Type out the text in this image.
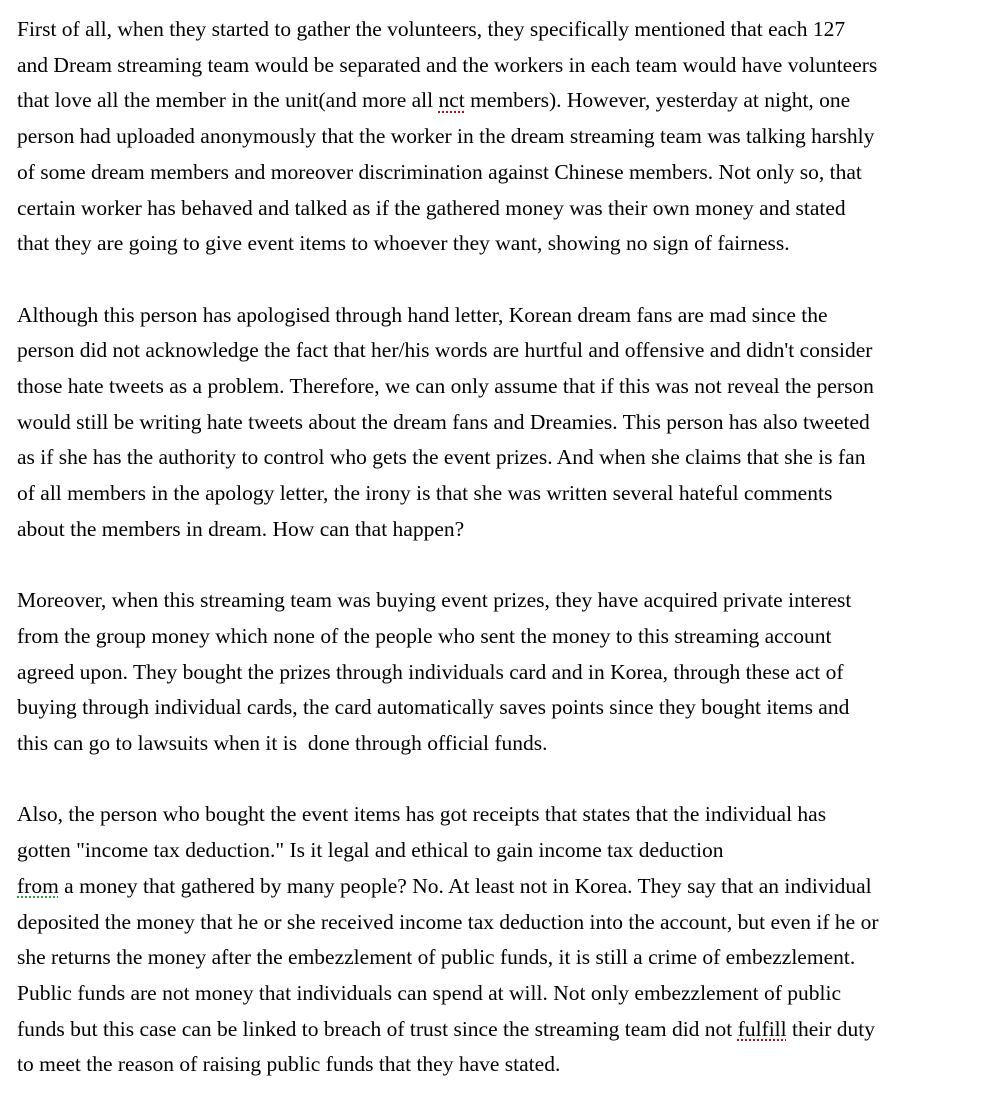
First of all, when they started to gather the volunteers, they specifically mentioned that each 127
and Dream streaming team would be separated and the workers in each team would have volunteers
that love all the member in the unit(and more all nct members). However, yesterday at night, one
person had uploaded anonymously that the worker in the dream streaming team was talking harshly
of some dream members and moreover discrimination against Chinese members. Not only so, that
certain worker has behaved and talked as if the gathered money was their own money and stated
that they are going to give event items to whoever they want, showing no sign of fairness.

Although this person has apologised through hand letter, Korean dream fans are mad since the
person did not acknowledge the fact that her/his words are hurtful and offensive and didn't consider
those hate tweets as a problem. Therefore, we can only assume that if this was not reveal the person
would still be writing hate tweets about the dream fans and Dreamies. This person has also tweeted
as if she has the authority to control who gets the event prizes. And when she claims that she is fan
of all members in the apology letter, the irony is that she was written several hateful comments
about the members in dream. How can that happen?

Moreover, when this streaming team was buying event prizes, they have acquired private interest
from the group money which none of the people who sent the money to this streaming account
agreed upon. They bought the prizes through individuals card and in Korea, through these act of
buying through individual cards, the card automatically saves points since they bought items and
this can go to lawsuits when it is  done through official funds.

Also, the person who bought the event items has got receipts that states that the individual has
gotten "income tax deduction." Is it legal and ethical to gain income tax deduction
from a money that gathered by many people? No. At least not in Korea. They say that an individual
deposited the money that he or she received income tax deduction into the account, but even if he or
she returns the money after the embezzlement of public funds, it is still a crime of embezzlement.
Public funds are not money that individuals can spend at will. Not only embezzlement of public
funds but this case can be linked to breach of trust since the streaming team did not fulfill their duty
to meet the reason of raising public funds that they have stated.
